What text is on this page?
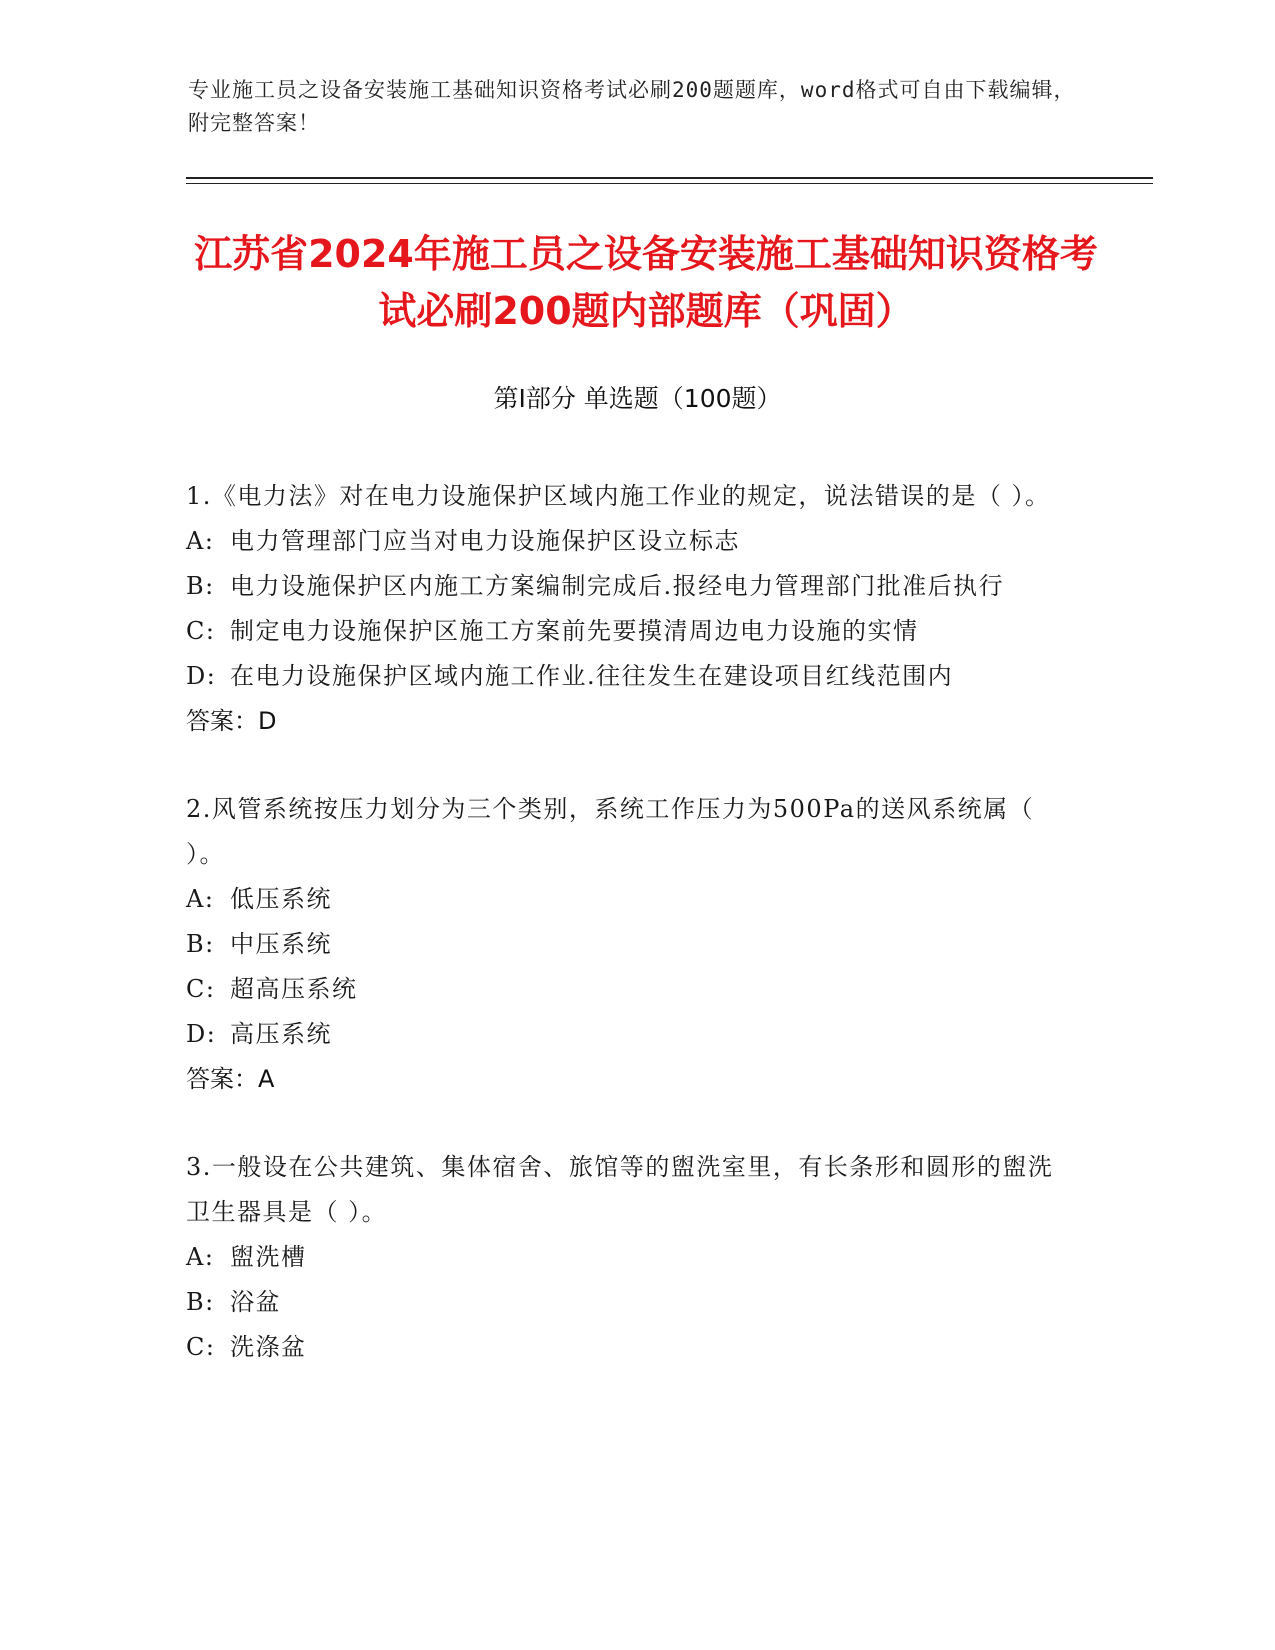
专业施工员之设备安装施工基础知识资格考试必刷200题题库，word格式可自由下载编辑，附完整答案！
江苏省2024年施工员之设备安装施工基础知识资格考试必刷200题内部题库（巩固）
第Ⅰ部分 单选题（100题）
1.《电力法》对在电力设施保护区域内施工作业的规定，说法错误的是（ ）。
A: 电力管理部门应当对电力设施保护区设立标志
B: 电力设施保护区内施工方案编制完成后.报经电力管理部门批准后执行
C: 制定电力设施保护区施工方案前先要摸清周边电力设施的实情
D: 在电力设施保护区域内施工作业.往往发生在建设项目红线范围内
答案：D
2.风管系统按压力划分为三个类别，系统工作压力为500Pa的送风系统属（ ）。
A: 低压系统
B: 中压系统
C: 超高压系统
D: 高压系统
答案：A
3.一般设在公共建筑、集体宿舍、旅馆等的盥洗室里，有长条形和圆形的盥洗卫生器具是（ ）。
A: 盥洗槽
B: 浴盆
C: 洗涤盆
